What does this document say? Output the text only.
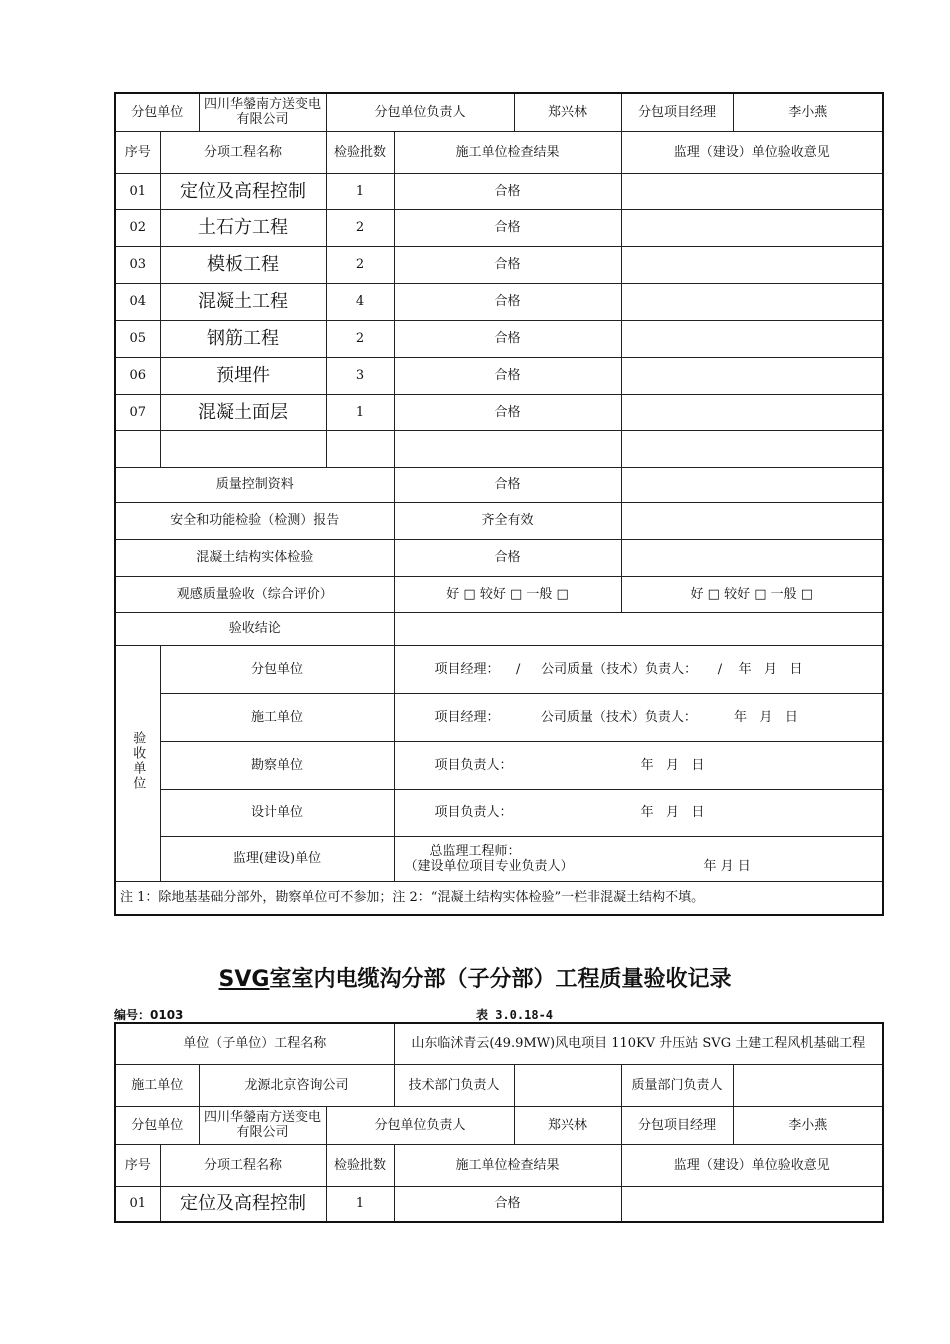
分包单位		四川华鎣南方送变电有限公司	分包单位负责人		郑兴林	分包项目经理	李小燕
序号	分项工程名称		检验批数	施工单位检查结果		监理（建设）单位验收意见	
01	定位及高程控制		1	合格			
02	土石方工程		2	合格			
03	模板工程		2	合格			
04	混凝土工程		4	合格			
05	钢筋工程		2	合格			
06	预埋件		3	合格			
07	混凝土面层		1	合格			

质量控制资料				合格			
安全和功能检验（检测）报告				齐全有效			
混凝土结构实体检验				合格			
观感质量验收（综合评价）				好 □ 较好 □ 一般 □		好 □ 较好 □ 一般 □	
验收结论							
验收单位	分包单位			项目经理：    /     公司质量（技术）负责人：     /    年   月   日			
	施工单位			项目经理：          公司质量（技术）负责人：         年   月   日			
	勘察单位			项目负责人：                               年   月   日			
	设计单位			项目负责人：                               年   月   日			
	监理(建设)单位			总监理工程师：
（建设单位项目专业负责人） 年 月 日			

注 1：除地基基础分部外，勘察单位可不参加；注 2：“混凝土结构实体检验”一栏非混凝土结构不填。							
SVG室室内电缆沟分部（子分部）工程质量验收记录
编号：0103	表 3.0.18-4
单位（子单位）工程名称				山东临沭青云(49.9MW)风电项目 110KV 升压站 SVG 土建工程风机基础工程			
施工单位		龙源北京咨询公司		技术部门负责人		质量部门负责人	
分包单位		四川华鎣南方送变电有限公司	分包单位负责人		郑兴林	分包项目经理	李小燕
序号	分项工程名称		检验批数	施工单位检查结果		监理（建设）单位验收意见	
01	定位及高程控制		1	合格			
